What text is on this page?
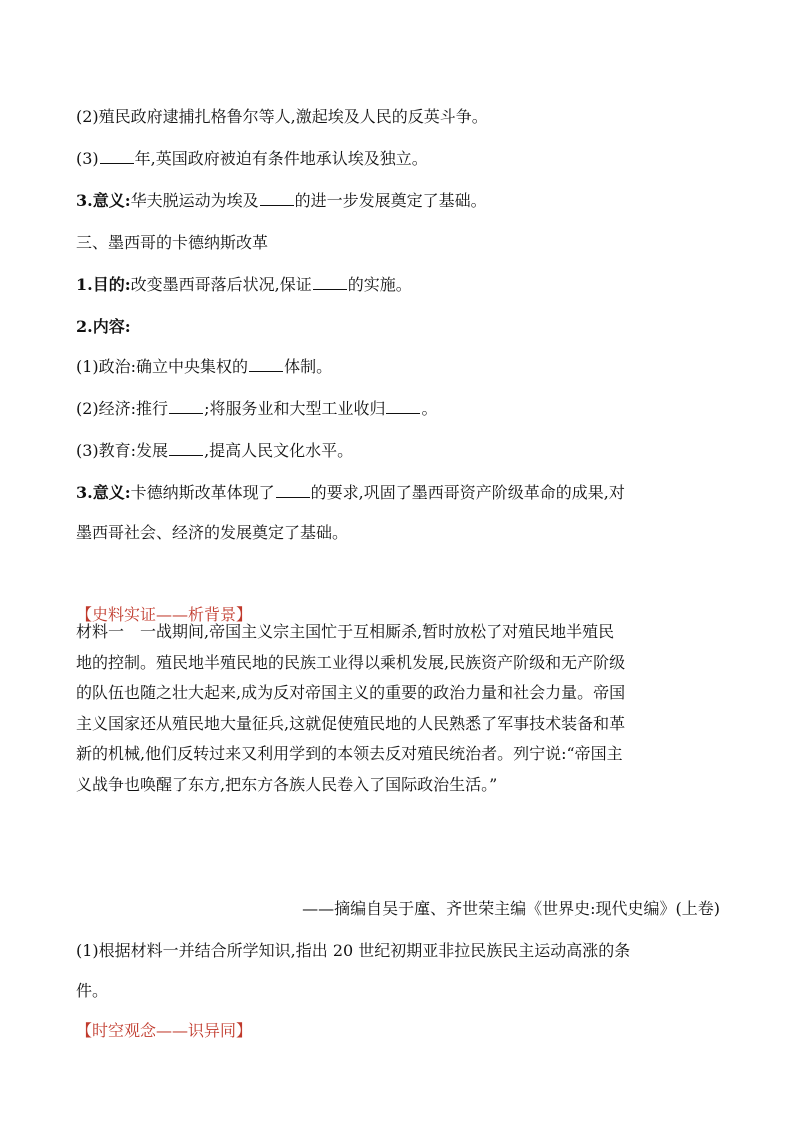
(2)殖民政府逮捕扎格鲁尔等人,激起埃及人民的反英斗争。
(3) 年,英国政府被迫有条件地承认埃及独立。
3.意义:华夫脱运动为埃及 的进一步发展奠定了基础。
三、墨西哥的卡德纳斯改革
1.目的:改变墨西哥落后状况,保证 的实施。
2.内容:
(1)政治:确立中央集权的 体制。
(2)经济:推行 ;将服务业和大型工业收归 。
(3)教育:发展 ,提高人民文化水平。
3.意义:卡德纳斯改革体现了 的要求,巩固了墨西哥资产阶级革命的成果,对
墨西哥社会、经济的发展奠定了基础。
【史料实证——析背景】
材料一　一战期间,帝国主义宗主国忙于互相厮杀,暂时放松了对殖民地半殖民
地的控制。殖民地半殖民地的民族工业得以乘机发展,民族资产阶级和无产阶级
的队伍也随之壮大起来,成为反对帝国主义的重要的政治力量和社会力量。帝国
主义国家还从殖民地大量征兵,这就促使殖民地的人民熟悉了军事技术装备和革
新的机械,他们反转过来又利用学到的本领去反对殖民统治者。列宁说:“帝国主
义战争也唤醒了东方,把东方各族人民卷入了国际政治生活。”
——摘编自吴于廑、齐世荣主编《世界史:现代史编》(上卷)
(1)根据材料一并结合所学知识,指出 20 世纪初期亚非拉民族民主运动高涨的条
件。
【时空观念——识异同】
